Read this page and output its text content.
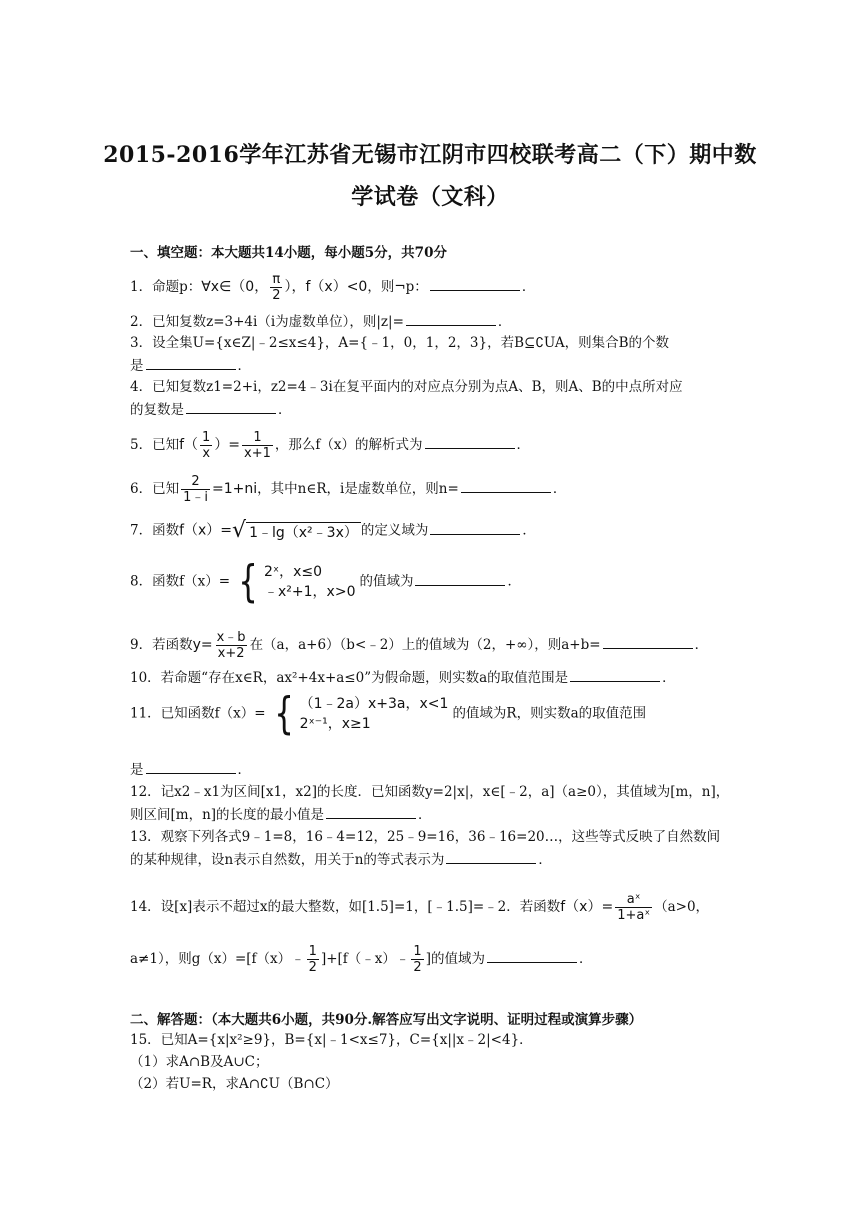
2015-2016学年江苏省无锡市江阴市四校联考高二（下）期中数
学试卷（文科）
一、填空题：本大题共14小题，每小题5分，共70分
1．命题p：∀x∈（0， $\frac{\pi}{2}$ ），f（x）<0，则¬p：	．
2．已知复数z=3+4i（i为虚数单位），则|z|=	．
3．设全集U={x∈Z|﹣2≤x≤4}，A={﹣1，0，1，2，3}，若B⊆∁UA，则集合B的个数
是	．
4．已知复数z1=2+i，z2=4﹣3i在复平面内的对应点分别为点A、B，则A、B的中点所对应
的复数是	．
5．已知$f( \frac{1}{x}$ ）= $\frac{1}{x+1}$ ，那么f（x）的解析式为	．
6．已知 $\frac{2}{1﹣i} =1+ni$，其中n∈R，i是虚数单位，则n=	．
7．函数f（x）= √ 1﹣lg（x²﹣3x） 的定义域为	．
8．函数f（x）= { 2ˣ，x≤0
﹣x²+1，x>0
的值域为	．
9．若函数$y= \frac{x﹣b}{x+2}$ 在（a，a+6）（b<﹣2）上的值域为（2，+∞），则a+b=	．
10．若命题“存在x∈R，ax²+4x+a≤0”为假命题，则实数a的取值范围是	．
11．已知函数f（x）= { （1﹣2a）x+3a，x<1
2ˣ⁻¹，x≥1
的值域为R，则实数a的取值范围
是	．
12．记x2﹣x1为区间[x1，x2]的长度．已知函数y=2|x|，x∈[﹣2，a]（a≥0），其值域为[m，n]，
则区间[m，n]的长度的最小值是	．
13．观察下列各式9﹣1=8，16﹣4=12，25﹣9=16，36﹣16=20…，这些等式反映了自然数间
的某种规律，设n表示自然数，用关于n的等式表示为	．
14．设[x]表示不超过x的最大整数，如[1.5]=1，[﹣1.5]=﹣2．若函数$f(x)= \frac{\text{aˣ}}{\text{1+aˣ}} (a>0$，
a≠1），则g（x）=[f（x）﹣ $\frac{1}{2}$ ]+[f（﹣x）﹣ $\frac{1}{2}$ ]的值域为	．
二、解答题：（本大题共6小题，共90分.解答应写出文字说明、证明过程或演算步骤）
15．已知A={x|x²≥9}，B={x|﹣1<x≤7}，C={x||x﹣2|<4}．
（1）求A∩B及A∪C；
（2）若U=R，求A∩∁U（B∩C）
